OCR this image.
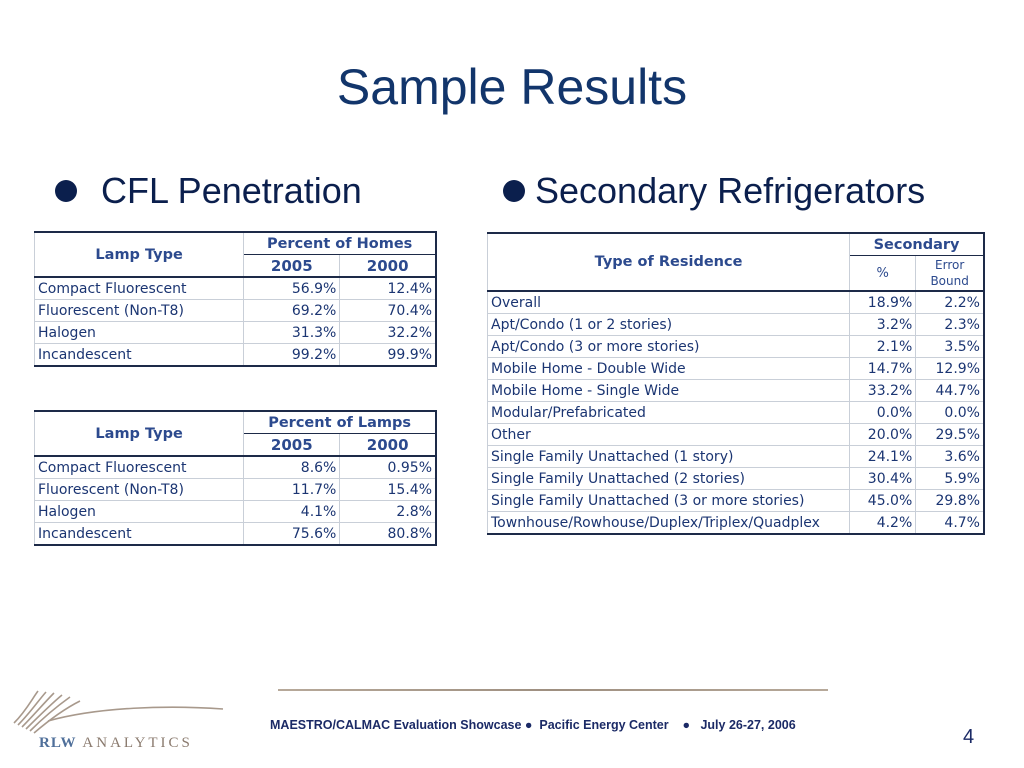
Sample Results
CFL Penetration	Secondary Refrigerators
Lamp Type	Percent of Homes	
	2005	2000
Compact Fluorescent	56.9%	12.4%
Fluorescent (Non-T8)	69.2%	70.4%
Halogen	31.3%	32.2%
Incandescent	99.2%	99.9%
Lamp Type	Percent of Lamps	
	2005	2000
Compact Fluorescent	8.6%	0.95%
Fluorescent (Non-T8)	11.7%	15.4%
Halogen	4.1%	2.8%
Incandescent	75.6%	80.8%
Type of Residence	Secondary	
	%	Error
Bound
Overall	18.9%	2.2%
Apt/Condo (1 or 2 stories)	3.2%	2.3%
Apt/Condo (3 or more stories)	2.1%	3.5%
Mobile Home - Double Wide	14.7%	12.9%
Mobile Home - Single Wide	33.2%	44.7%
Modular/Prefabricated	0.0%	0.0%
Other	20.0%	29.5%
Single Family Unattached (1 story)	24.1%	3.6%
Single Family Unattached (2 stories)	30.4%	5.9%
Single Family Unattached (3 or more stories)	45.0%	29.8%
Townhouse/Rowhouse/Duplex/Triplex/Quadplex	4.2%	4.7%
RLW ANALYTICS
MAESTRO/CALMAC Evaluation Showcase ●  Pacific Energy Center    ●   July 26-27, 2006
4
